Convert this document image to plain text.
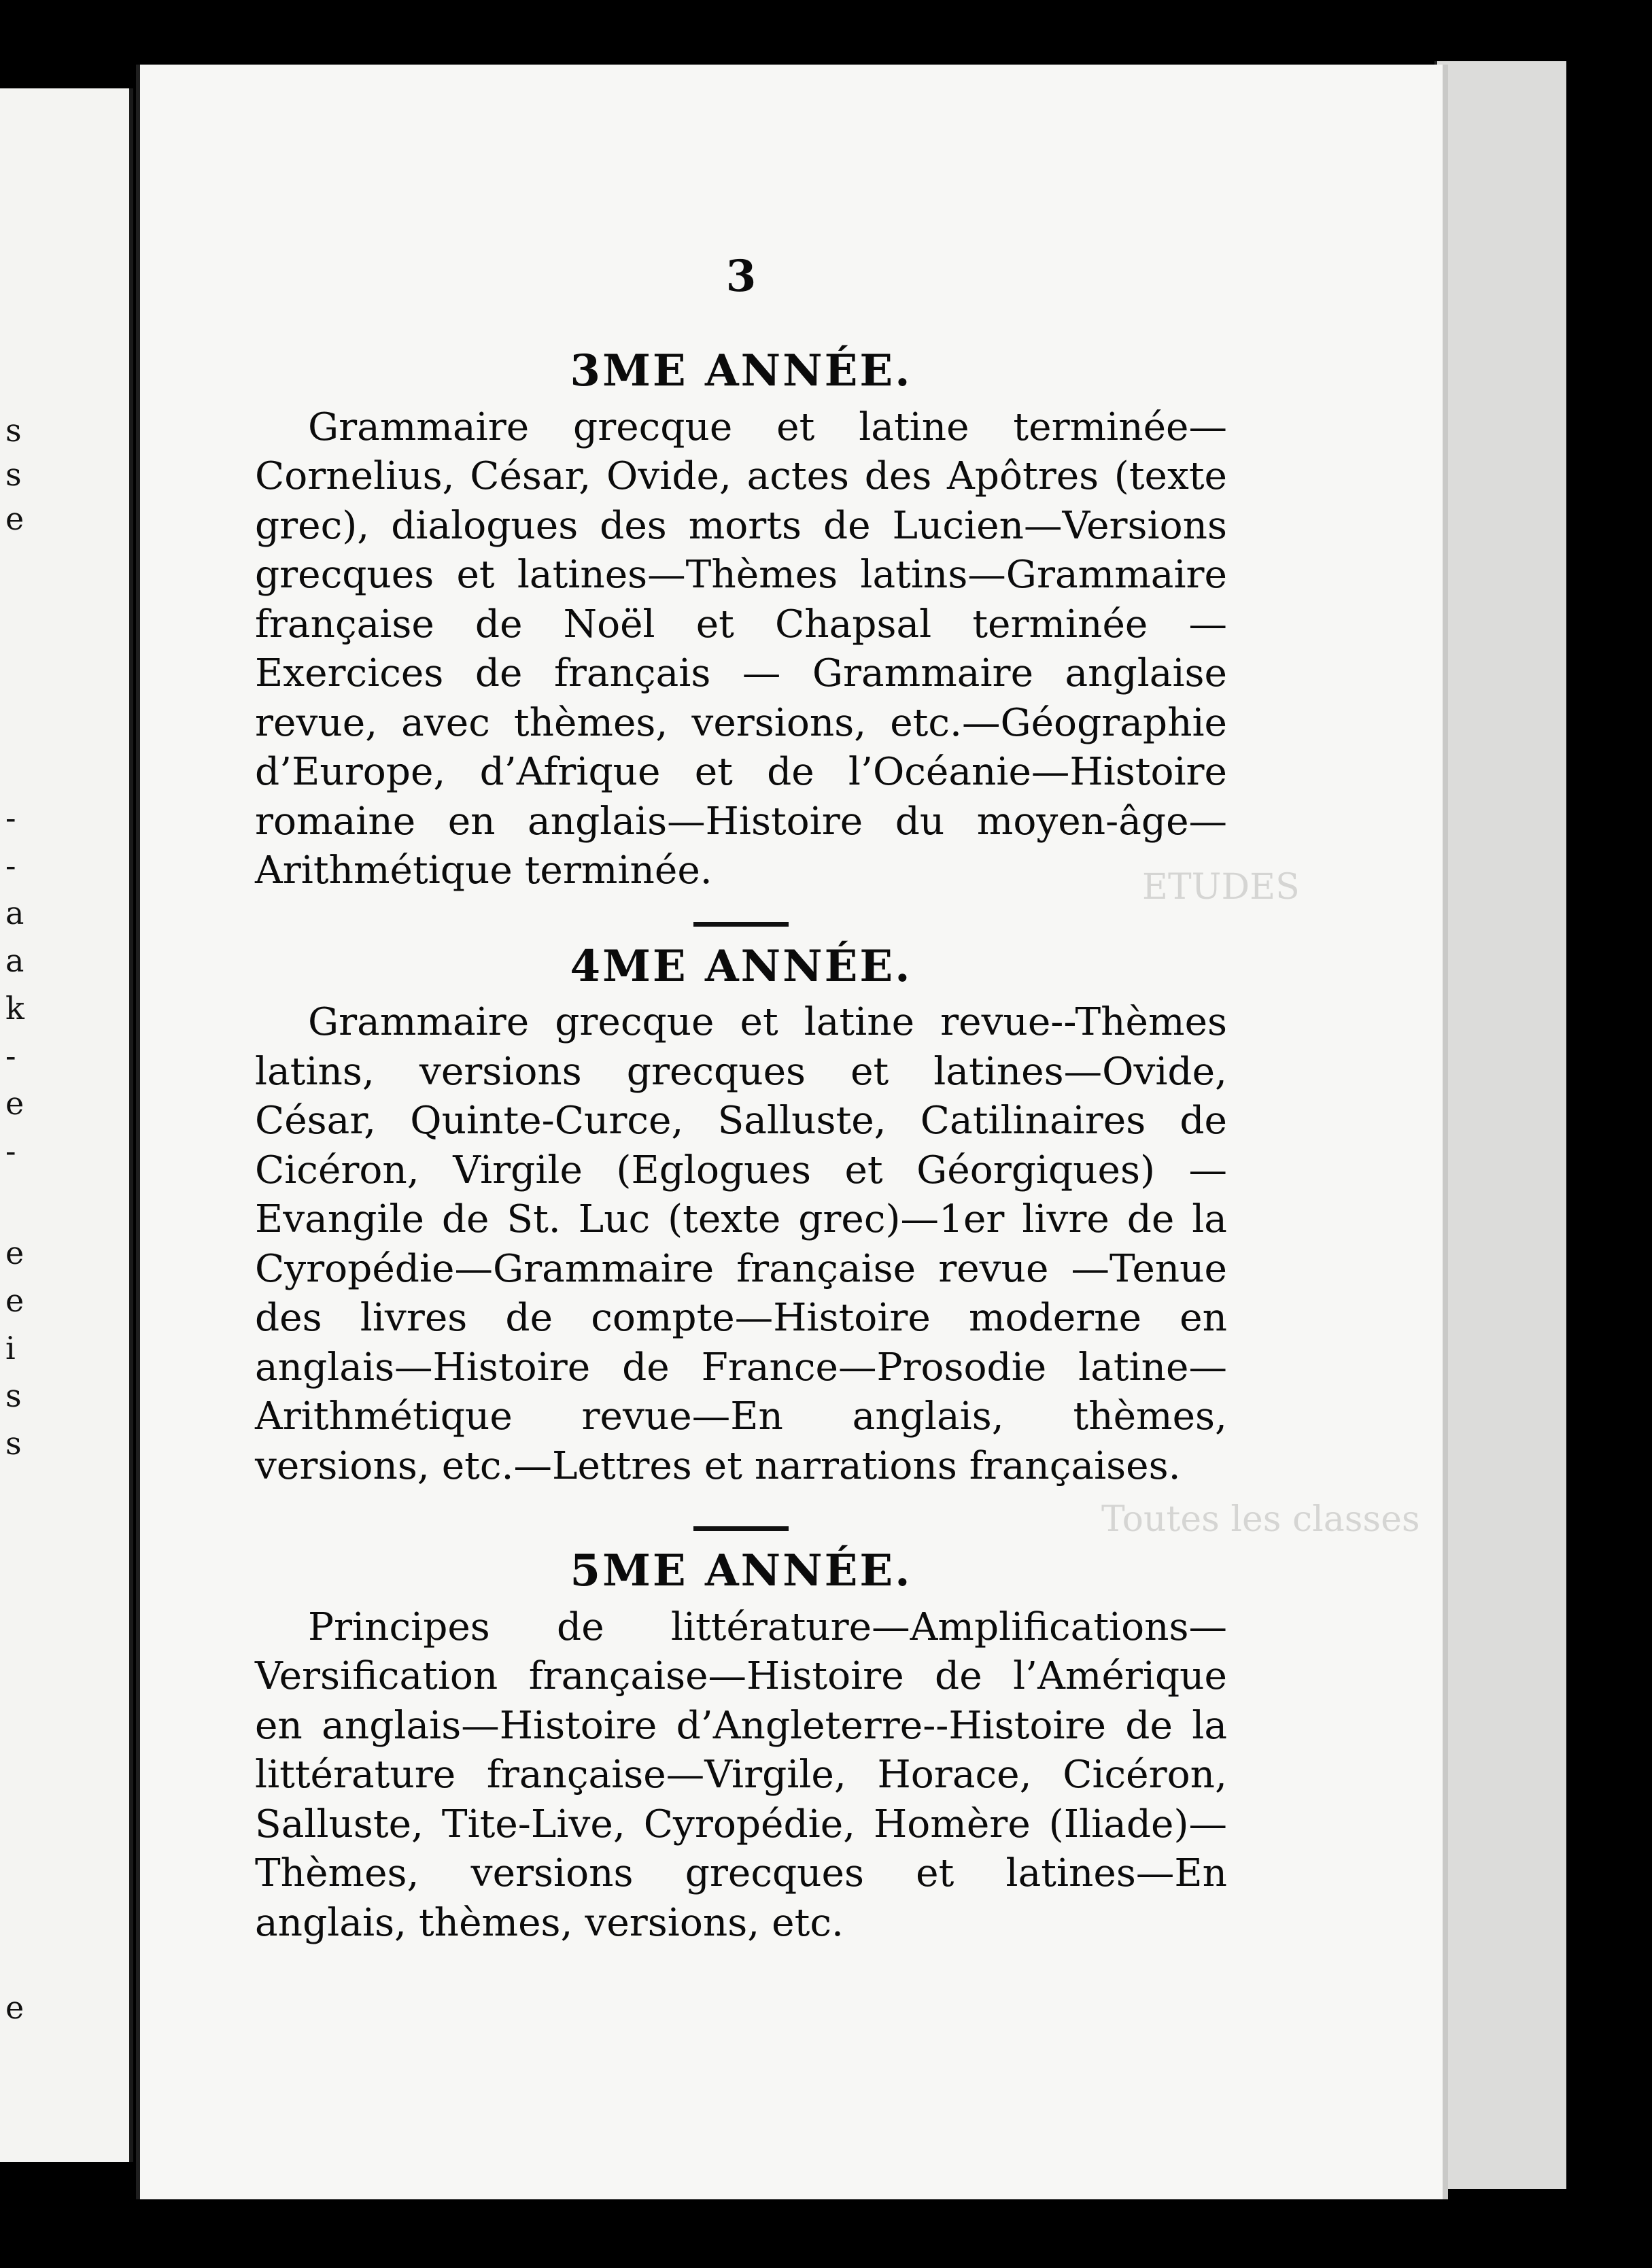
s
s
e
-
-
a
a
k
-
e
-
e
e
i
s
s
e
ETUDES
Toutes les classes
3
3ME ANNÉE.

Grammaire grecque et latine terminée—Cornelius, César, Ovide, actes des Apôtres (texte grec), dialogues des morts de Lucien—Versions grecques et latines—Thèmes latins—Grammaire française de Noël et Chapsal terminée — Exercices de français — Grammaire anglaise revue, avec thèmes, versions, etc.—Géographie d’Europe, d’Afrique et de l’Océanie—Histoire romaine en anglais—Histoire du moyen-âge—Arithmétique terminée.

4ME ANNÉE.

Grammaire grecque et latine revue--Thèmes latins, versions grecques et latines—Ovide, César, Quinte-Curce, Salluste, Catilinaires de Cicéron, Virgile (Eglogues et Géorgiques) —Evangile de St. Luc (texte grec)—1er livre de la Cyropédie—Grammaire française revue —Tenue des livres de compte—Histoire moderne en anglais—Histoire de France—Prosodie latine—Arithmétique revue—En anglais, thèmes, versions, etc.—Lettres et narrations françaises.

5ME ANNÉE.

Principes de littérature—Amplifications—Versification française—Histoire de l’Amérique en anglais—Histoire d’Angleterre--Histoire de la littérature française—Virgile, Horace, Cicéron, Salluste, Tite-Live, Cyropédie, Homère (Iliade)—Thèmes, versions grecques et latines—En anglais, thèmes, versions, etc.
